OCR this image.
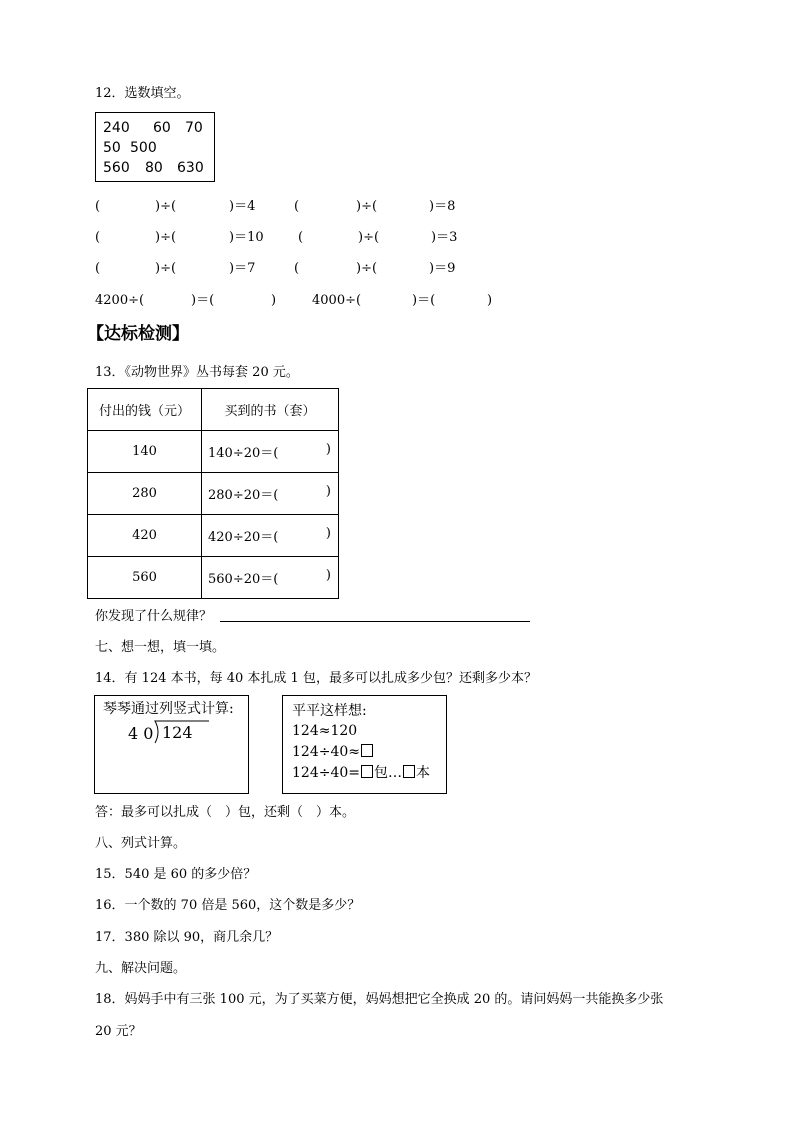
12．选数填空。
240 60 70
50 500
560 80 630
(	)÷(	)＝4	(	)÷(	)＝8
(	)÷(	)＝10	(	)÷(	)＝3
(	)÷(	)＝7	(	)÷(	)＝9
4200÷(	)＝(	)	4000÷(	)＝(	)
【达标检测】
13．《动物世界》丛书每套 20 元。
付出的钱（元）	买到的书（套）
140	140÷20＝( )

280	280÷20＝( )

420	420÷20＝( )

560	560÷20＝( )
你发现了什么规律？
七、想一想，填一填。
14．有 124 本书，每 40 本扎成 1 包，最多可以扎成多少包？还剩多少本？
琴琴通过列竖式计算:
4 0 124
平平这样想:
124≈120
124÷40≈
124÷40= 包… 本
答：最多可以扎成（　）包，还剩（　）本。
八、列式计算。
15．540 是 60 的多少倍？
16．一个数的 70 倍是 560，这个数是多少？
17．380 除以 90，商几余几？
九、解决问题。
18．妈妈手中有三张 100 元，为了买菜方便，妈妈想把它全换成 20 的。请问妈妈一共能换多少张
20 元？
